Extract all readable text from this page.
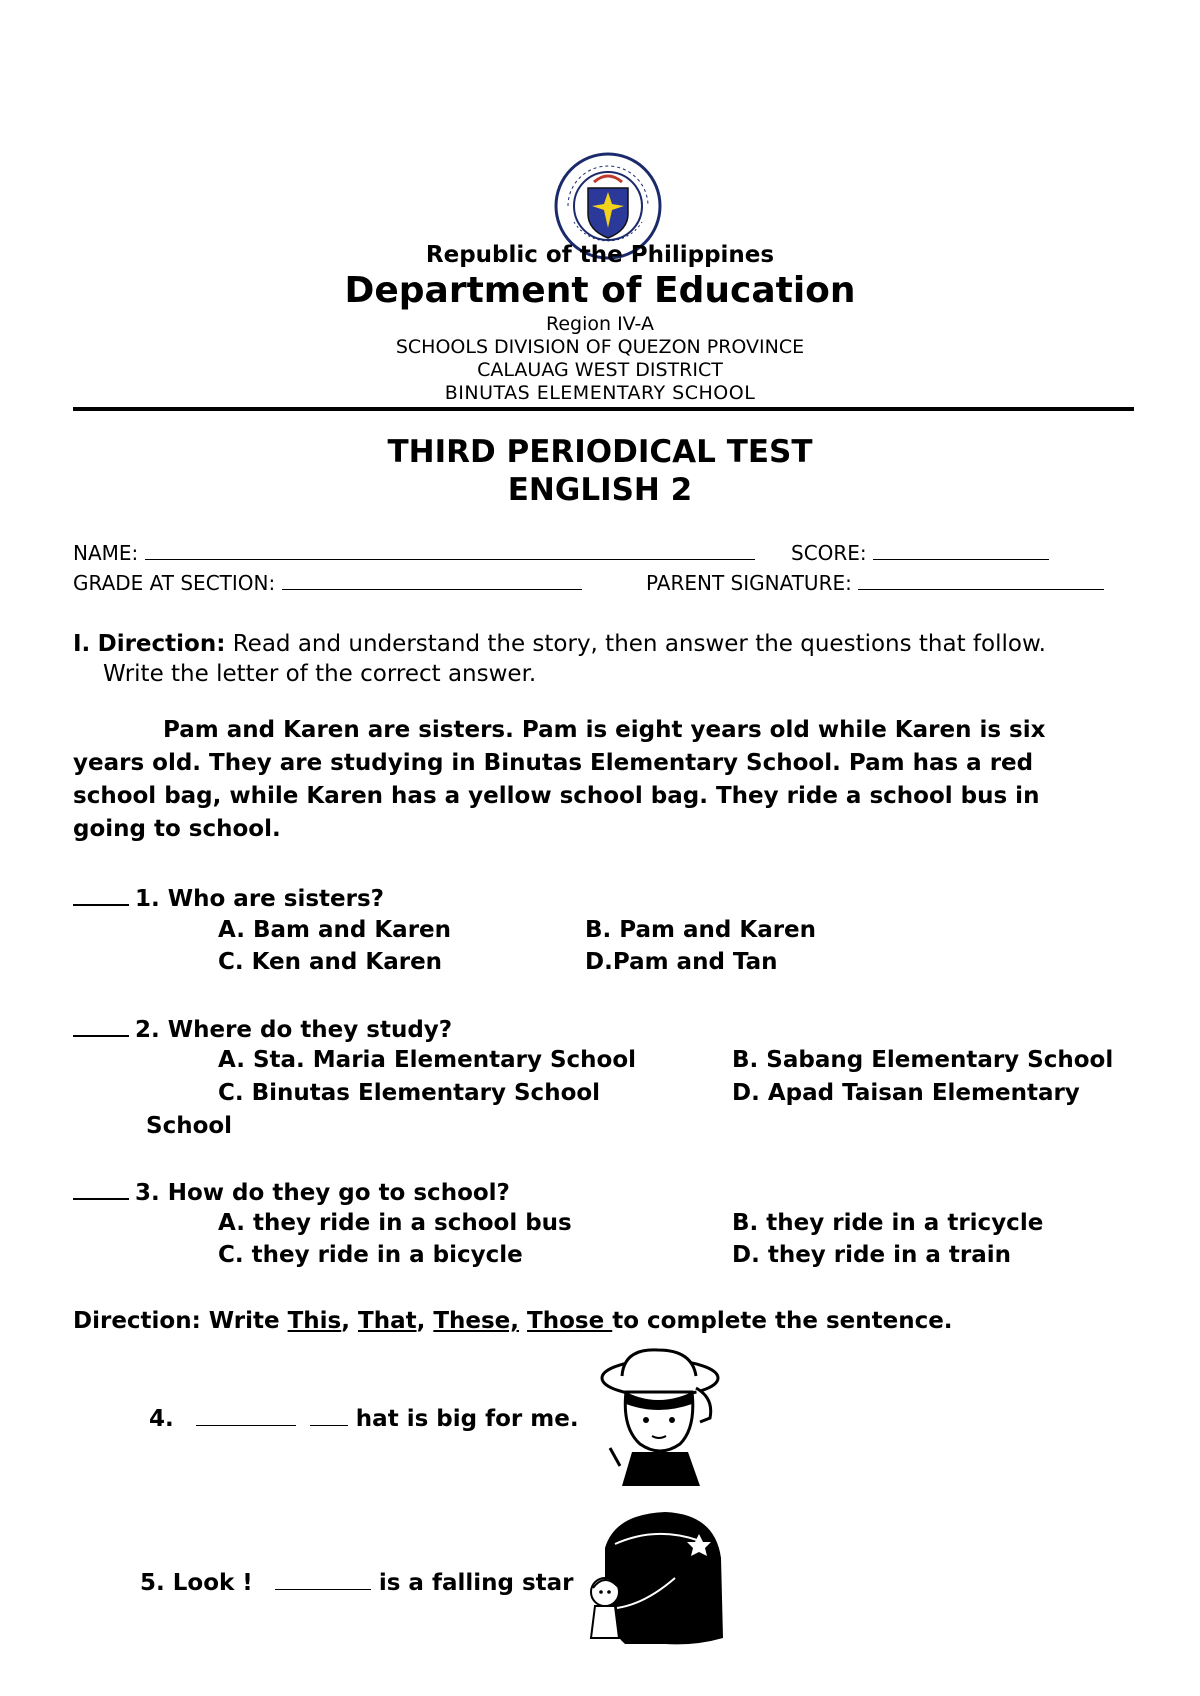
Republic of the Philippines
Department of Education
Region IV-A
SCHOOLS DIVISION OF QUEZON PROVINCE
CALAUAG WEST DISTRICT
BINUTAS ELEMENTARY SCHOOL
THIRD PERIODICAL TEST
ENGLISH 2
NAME:	SCORE:
GRADE AT SECTION:	PARENT SIGNATURE:
I. Direction: Read and understand the story, then answer the questions that follow.
Write the letter of the correct answer.
Pam and Karen are sisters. Pam is eight years old while Karen is six years old. They are studying in Binutas Elementary School. Pam has a red school bag, while Karen has a yellow school bag. They ride a school bus in going to school.
1. Who are sisters?
A. Bam and Karen	B. Pam and Karen
C. Ken and Karen	D.Pam and Tan
2. Where do they study?
A. Sta. Maria Elementary School	B. Sabang Elementary School
C. Binutas Elementary School	D. Apad Taisan Elementary
School
3. How do they go to school?
A. they ride in a school bus	B. they ride in a tricycle
C. they ride in a bicycle	D. they ride in a train
Direction: Write This, That, These, Those to complete the sentence.
4.	hat is big for me.
5. Look !	is a falling star
